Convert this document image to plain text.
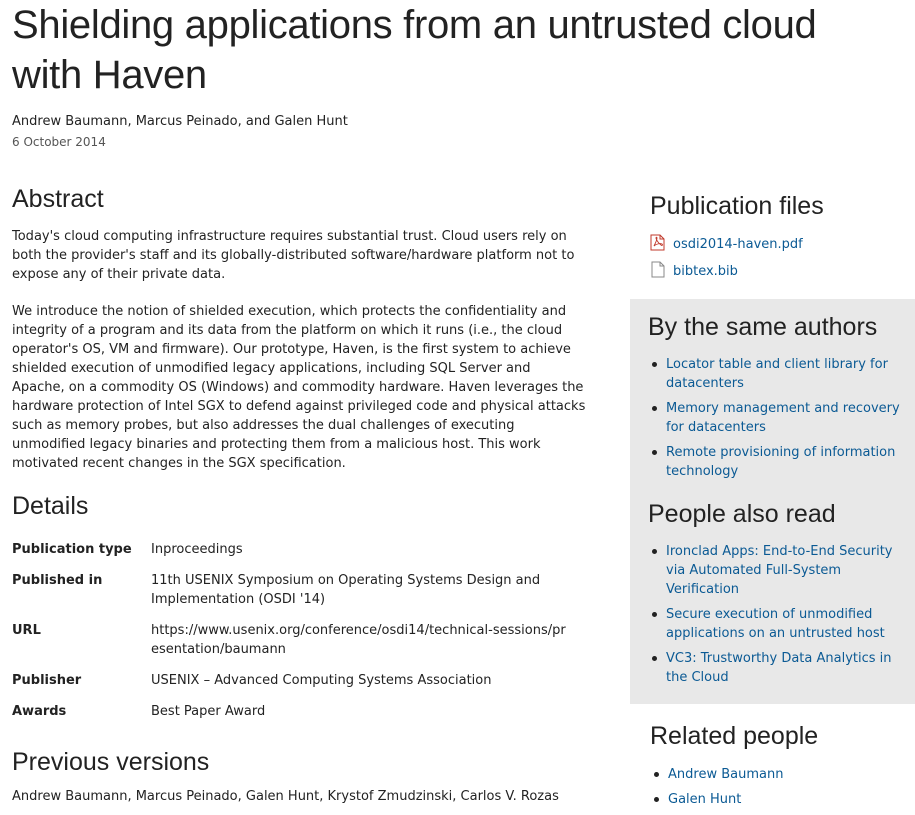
Shielding applications from an untrusted cloud with Haven
Andrew Baumann, Marcus Peinado, and Galen Hunt
6 October 2014
Abstract

Today's cloud computing infrastructure requires substantial trust. Cloud users rely on both the provider's staff and its globally-distributed software/hardware platform not to expose any of their private data.

We introduce the notion of shielded execution, which protects the confidentiality and integrity of a program and its data from the platform on which it runs (i.e., the cloud operator's OS, VM and firmware). Our prototype, Haven, is the first system to achieve shielded execution of unmodified legacy applications, including SQL Server and Apache, on a commodity OS (Windows) and commodity hardware. Haven leverages the hardware protection of Intel SGX to defend against privileged code and physical attacks such as memory probes, but also addresses the dual challenges of executing unmodified legacy binaries and protecting them from a malicious host. This work motivated recent changes in the SGX specification.

Details
Publication type Inproceedings
Published in	11th USENIX Symposium on Operating Systems Design and Implementation (OSDI '14)
URL	https://www.usenix.org/conference/osdi14/technical-sessions/presentation/baumann
Publisher	USENIX – Advanced Computing Systems Association
Awards	Best Paper Award
Previous versions
Andrew Baumann, Marcus Peinado, Galen Hunt, Krystof Zmudzinski, Carlos V. Rozas
Publication files
osdi2014-haven.pdf
bibtex.bib
By the same authors
Locator table and client library for datacenters
Memory management and recovery for datacenters
Remote provisioning of information technology
People also read
Ironclad Apps: End-to-End Security via Automated Full-System Verification
Secure execution of unmodified applications on an untrusted host
VC3: Trustworthy Data Analytics in the Cloud
Related people
Andrew Baumann
Galen Hunt
